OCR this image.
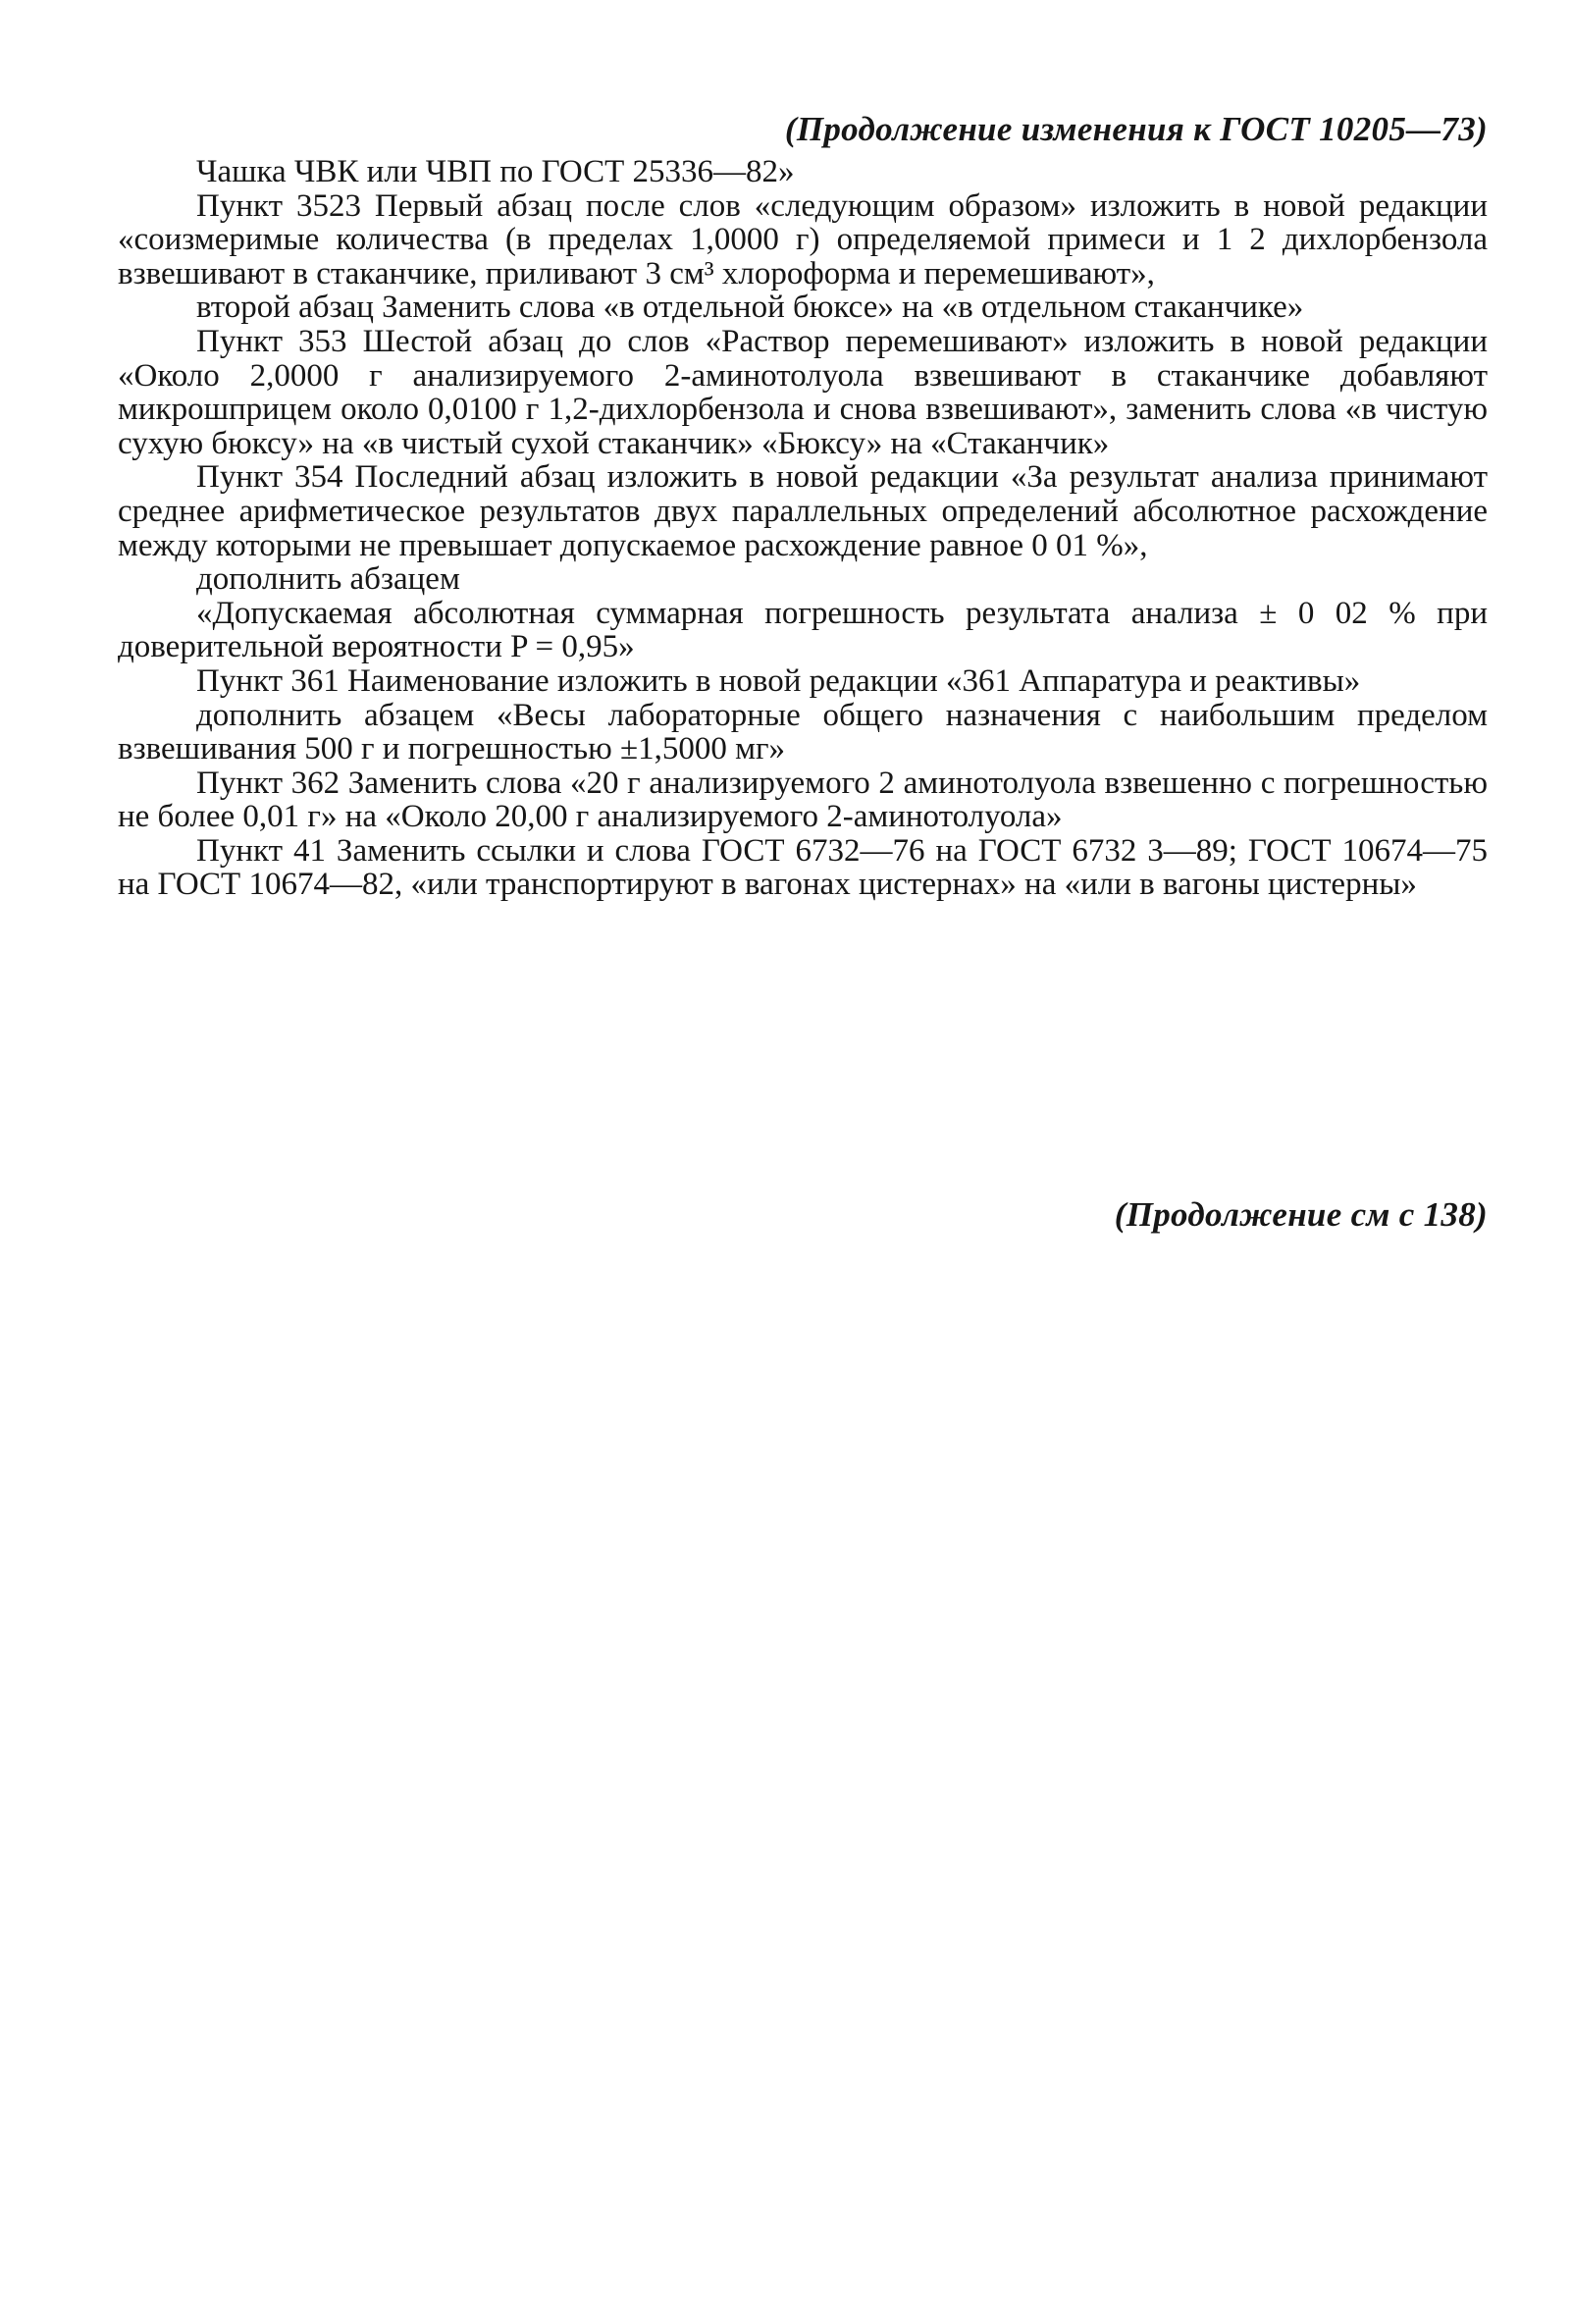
(Продолжение изменения к ГОСТ 10205—73)

Чашка ЧВК или ЧВП по ГОСТ 25336—82»

Пункт 3523 Первый абзац после слов «следующим образом» изложить в новой редакции «соизмеримые количества (в пределах 1,0000 г) определяемой примеси и 1 2 дихлорбензола взвешивают в стаканчике, приливают 3 см³ хлороформа и перемешивают»,

второй абзац Заменить слова «в отдельной бюксе» на «в отдельном стаканчике»

Пункт 353 Шестой абзац до слов «Раствор перемешивают» изложить в новой редакции «Около 2,0000 г анализируемого 2-аминотолуола взвешивают в стаканчике добавляют микрошприцем около 0,0100 г 1,2-дихлорбензола и снова взвешивают», заменить слова «в чистую сухую бюксу» на «в чистый сухой стаканчик» «Бюксу» на «Стаканчик»

Пункт 354 Последний абзац изложить в новой редакции «За результат анализа принимают среднее арифметическое результатов двух параллельных определений абсолютное расхождение между которыми не превышает допускаемое расхождение равное 0 01 %»,

дополнить абзацем

«Допускаемая абсолютная суммарная погрешность результата анализа ± 0 02 % при доверительной вероятности P = 0,95»

Пункт 361 Наименование изложить в новой редакции «361 Аппаратура и реактивы»

дополнить абзацем «Весы лабораторные общего назначения с наибольшим пределом взвешивания 500 г и погрешностью ±1,5000 мг»

Пункт 362 Заменить слова «20 г анализируемого 2 аминотолуола взвешенно с погрешностью не более 0,01 г» на «Около 20,00 г анализируемого 2-аминотолуола»

Пункт 41 Заменить ссылки и слова ГОСТ 6732—76 на ГОСТ 6732 3—89; ГОСТ 10674—75 на ГОСТ 10674—82, «или транспортируют в вагонах цистернах» на «или в вагоны цистерны»

(Продолжение см с 138)
